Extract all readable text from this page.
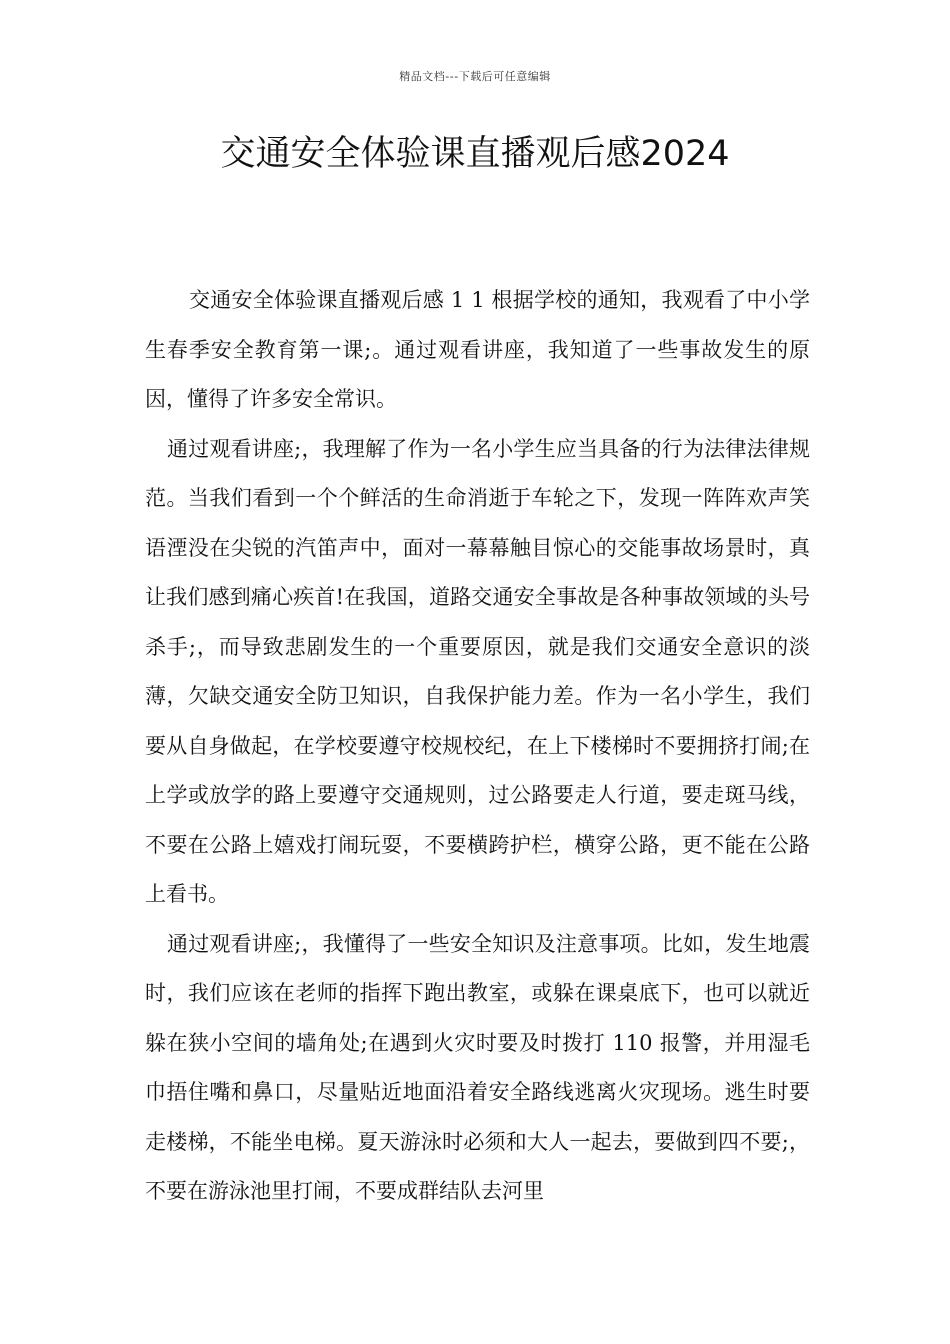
精品文档---下载后可任意编辑
交通安全体验课直播观后感2024

交通安全体验课直播观后感 1 1 根据学校的通知，我观看了中小学生春季安全教育第一课;。通过观看讲座，我知道了一些事故发生的原因，懂得了许多安全常识。

通过观看讲座;，我理解了作为一名小学生应当具备的行为法律法律规范。当我们看到一个个鲜活的生命消逝于车轮之下，发现一阵阵欢声笑语湮没在尖锐的汽笛声中，面对一幕幕触目惊心的交能事故场景时，真让我们感到痛心疾首!在我国，道路交通安全事故是各种事故领域的头号杀手;，而导致悲剧发生的一个重要原因，就是我们交通安全意识的淡薄，欠缺交通安全防卫知识，自我保护能力差。作为一名小学生，我们要从自身做起，在学校要遵守校规校纪，在上下楼梯时不要拥挤打闹;在上学或放学的路上要遵守交通规则，过公路要走人行道，要走斑马线，不要在公路上嬉戏打闹玩耍，不要横跨护栏，横穿公路，更不能在公路上看书。

通过观看讲座;，我懂得了一些安全知识及注意事项。比如，发生地震时，我们应该在老师的指挥下跑出教室，或躲在课桌底下，也可以就近躲在狭小空间的墙角处;在遇到火灾时要及时拨打 110 报警，并用湿毛巾捂住嘴和鼻口，尽量贴近地面沿着安全路线逃离火灾现场。逃生时要走楼梯，不能坐电梯。夏天游泳时必须和大人一起去，要做到四不要;，不要在游泳池里打闹，不要成群结队去河里
